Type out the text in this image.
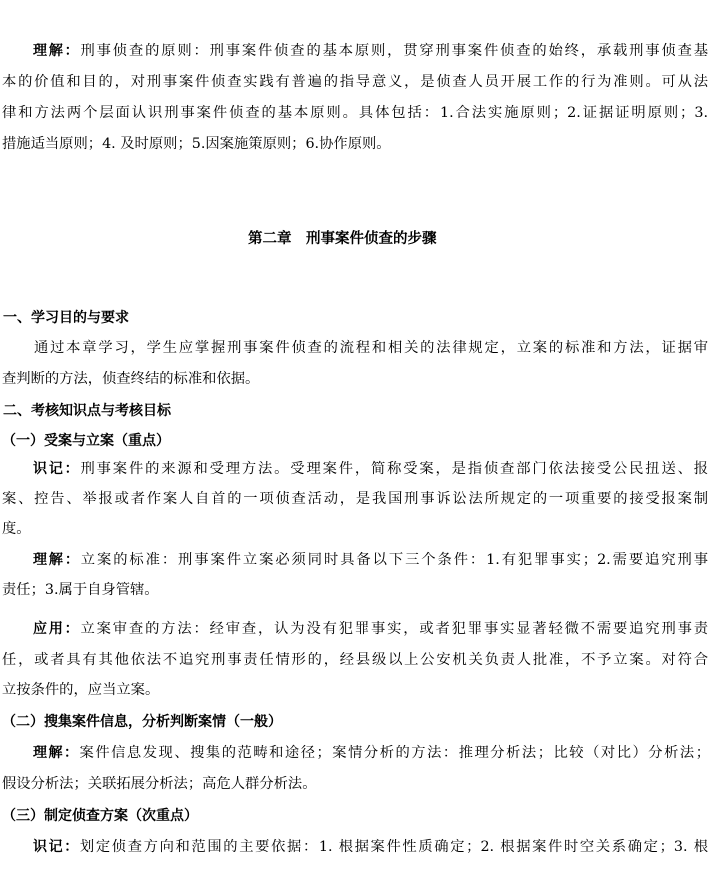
理解：刑事侦查的原则：刑事案件侦查的基本原则，贯穿刑事案件侦查的始终，承载刑事侦查基
本的价值和目的，对刑事案件侦查实践有普遍的指导意义，是侦查人员开展工作的行为准则。可从法
律和方法两个层面认识刑事案件侦查的基本原则。具体包括：1.合法实施原则；2.证据证明原则；3.
措施适当原则；4. 及时原则；5.因案施策原则；6.协作原则。
第二章　刑事案件侦查的步骤
一、学习目的与要求
通过本章学习，学生应掌握刑事案件侦查的流程和相关的法律规定，立案的标准和方法，证据审
查判断的方法，侦查终结的标准和依据。
二、考核知识点与考核目标
（一）受案与立案（重点）
识记：刑事案件的来源和受理方法。受理案件，简称受案，是指侦查部门依法接受公民扭送、报
案、控告、举报或者作案人自首的一项侦查活动，是我国刑事诉讼法所规定的一项重要的接受报案制
度。
理解：立案的标准：刑事案件立案必须同时具备以下三个条件：1.有犯罪事实；2.需要追究刑事
责任；3.属于自身管辖。
应用：立案审查的方法：经审查，认为没有犯罪事实，或者犯罪事实显著轻微不需要追究刑事责
任，或者具有其他依法不追究刑事责任情形的，经县级以上公安机关负责人批准，不予立案。对符合
立按条件的，应当立案。
（二）搜集案件信息，分析判断案情（一般）
理解：案件信息发现、搜集的范畴和途径；案情分析的方法：推理分析法；比较（对比）分析法；
假设分析法；关联拓展分析法；高危人群分析法。
（三）制定侦查方案（次重点）
识记：划定侦查方向和范围的主要依据：1. 根据案件性质确定；2. 根据案件时空关系确定；3. 根
